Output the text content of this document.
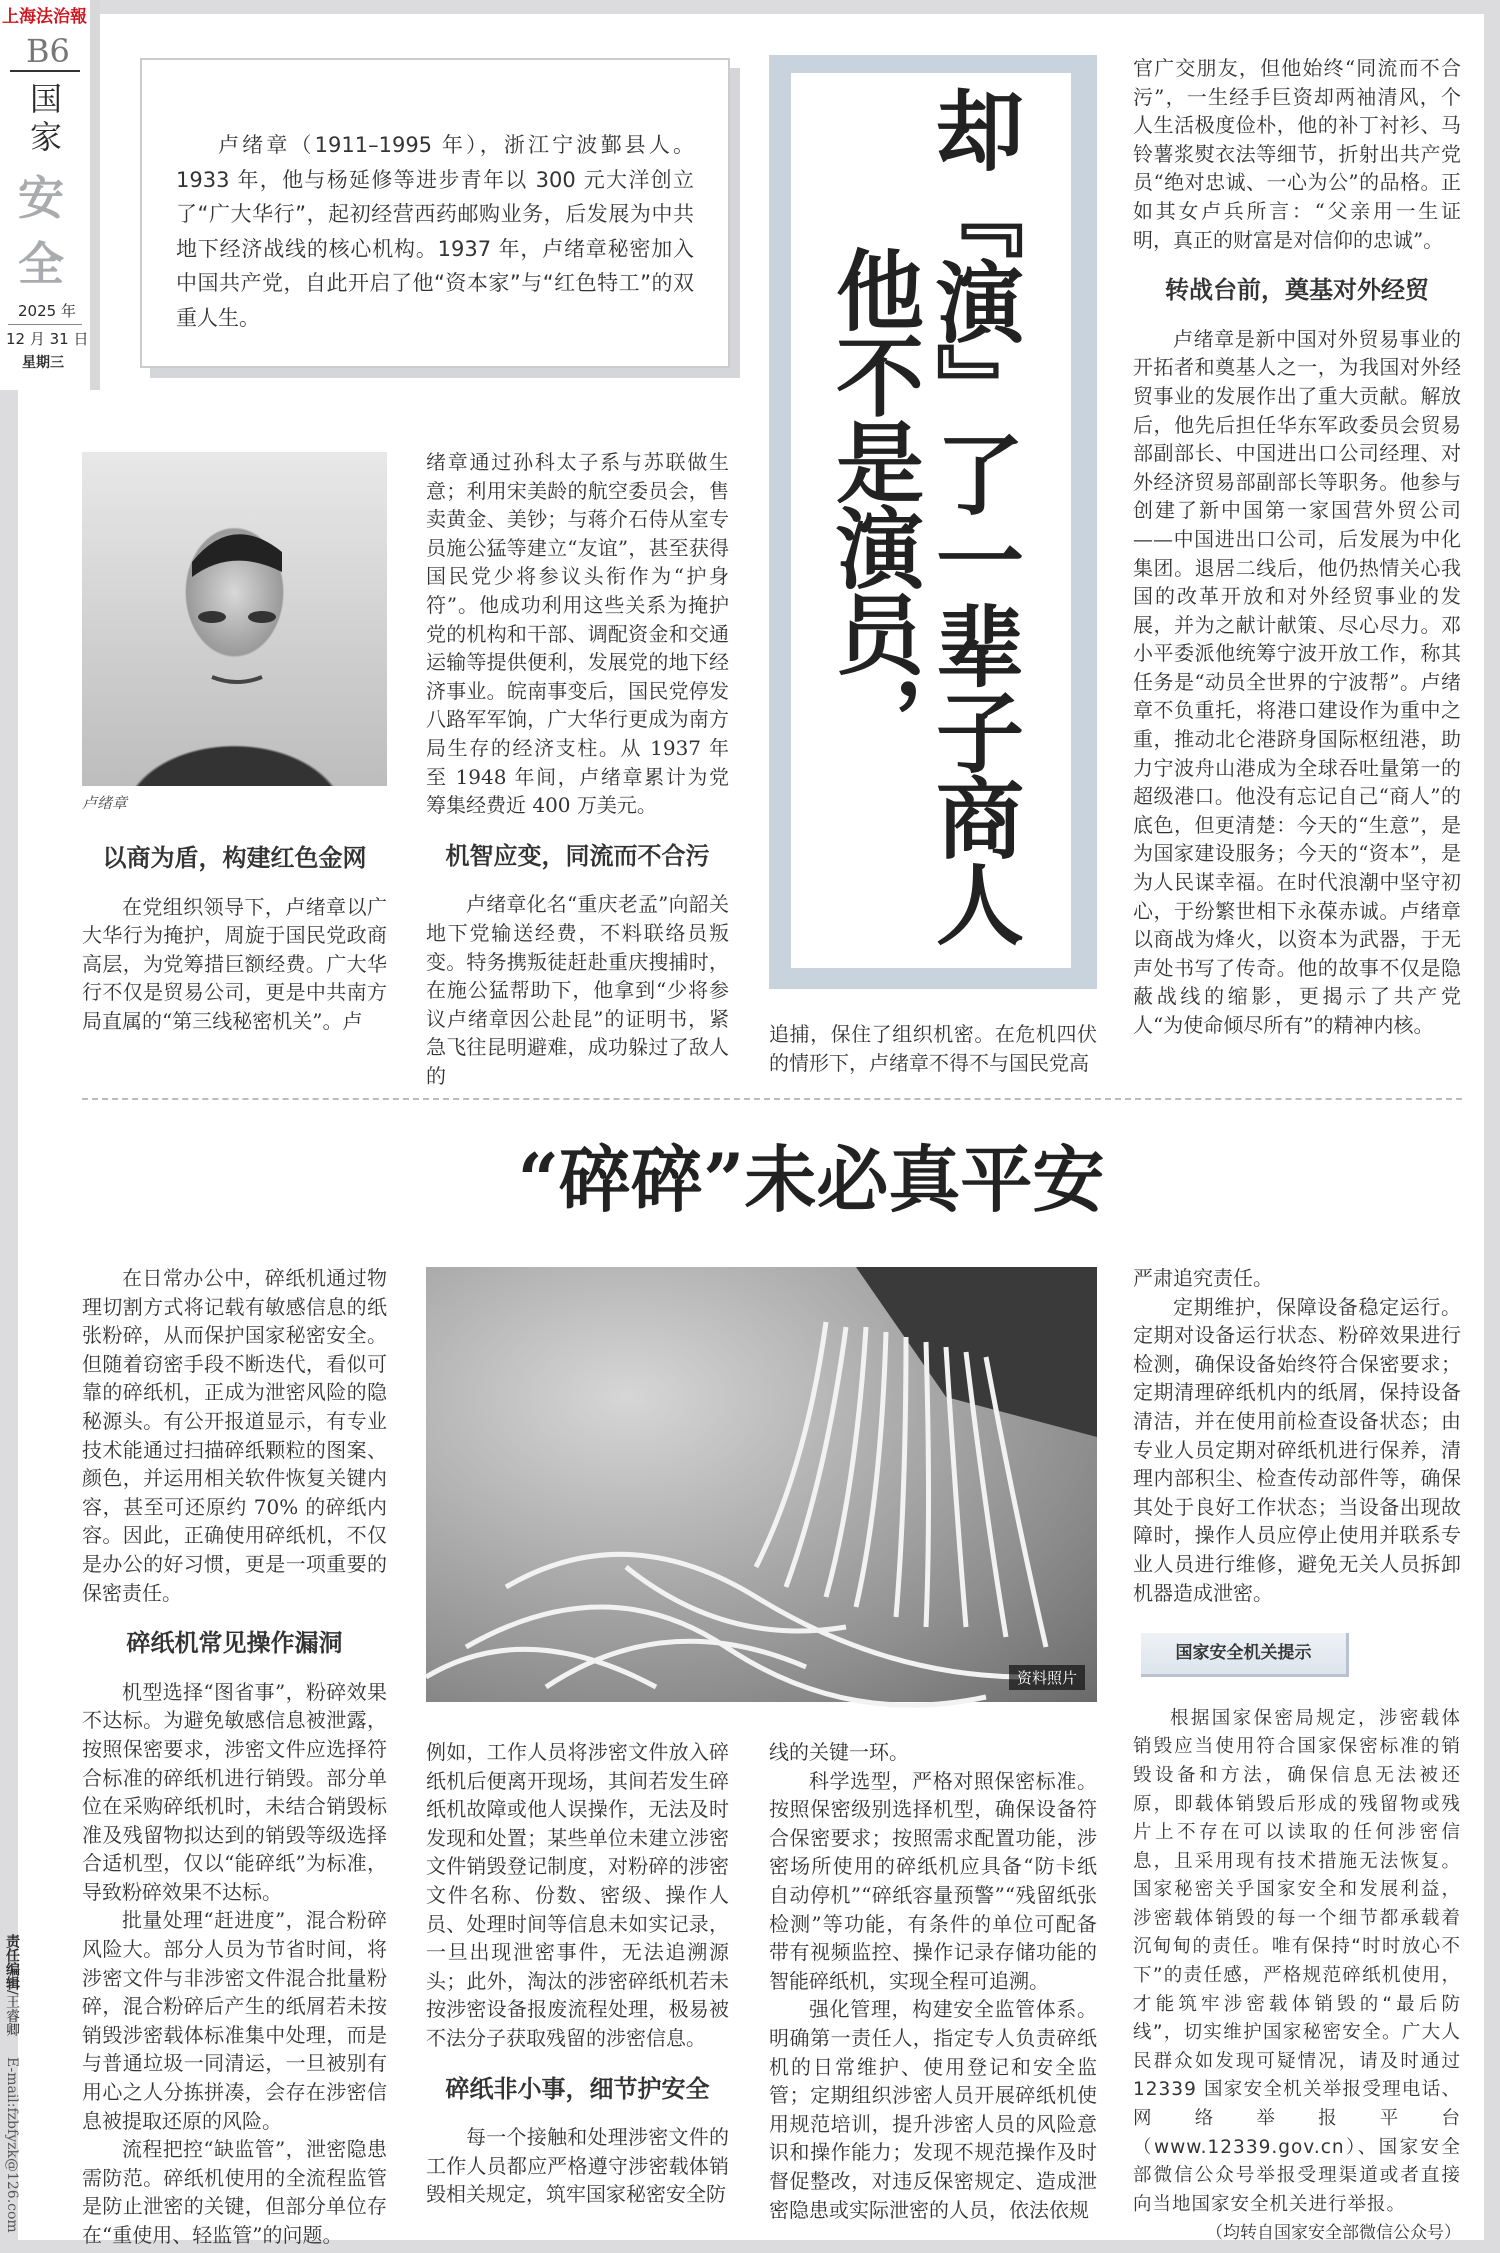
上海法治報
B6
国家
安全
2025 年
12 月 31 日
星期三
责任编辑/王睿卿 E-mail:fzbfyzk@126.com

卢绪章（1911–1995 年），浙江宁波鄞县人。1933 年，他与杨延修等进步青年以 300 元大洋创立了“广大华行”，起初经营西药邮购业务，后发展为中共地下经济战线的核心机构。1937 年，卢绪章秘密加入中国共产党，自此开启了他“资本家”与“红色特工”的双重人生。	却『演』了一辈子商人
他不是演员，
卢绪章
以商为盾，构建红色金网

在党组织领导下，卢绪章以广大华行为掩护，周旋于国民党政商高层，为党筹措巨额经费。广大华行不仅是贸易公司，更是中共南方局直属的“第三线秘密机关”。卢

绪章通过孙科太子系与苏联做生意；利用宋美龄的航空委员会，售卖黄金、美钞；与蒋介石侍从室专员施公猛等建立“友谊”，甚至获得国民党少将参议头衔作为“护身符”。他成功利用这些关系为掩护党的机构和干部、调配资金和交通运输等提供便利，发展党的地下经济事业。皖南事变后，国民党停发八路军军饷，广大华行更成为南方局生存的经济支柱。从 1937 年至 1948 年间，卢绪章累计为党筹集经费近 400 万美元。

机智应变，同流而不合污

卢绪章化名“重庆老孟”向韶关地下党输送经费，不料联络员叛变。特务携叛徒赶赴重庆搜捕时，在施公猛帮助下，他拿到“少将参议卢绪章因公赴昆”的证明书，紧急飞往昆明避难，成功躲过了敌人的

追捕，保住了组织机密。在危机四伏的情形下，卢绪章不得不与国民党高

官广交朋友，但他始终“同流而不合污”，一生经手巨资却两袖清风，个人生活极度俭朴，他的补丁衬衫、马铃薯浆熨衣法等细节，折射出共产党员“绝对忠诚、一心为公”的品格。正如其女卢兵所言：“父亲用一生证明，真正的财富是对信仰的忠诚”。

转战台前，奠基对外经贸

卢绪章是新中国对外贸易事业的开拓者和奠基人之一，为我国对外经贸事业的发展作出了重大贡献。解放后，他先后担任华东军政委员会贸易部副部长、中国进出口公司经理、对外经济贸易部副部长等职务。他参与创建了新中国第一家国营外贸公司——中国进出口公司，后发展为中化集团。退居二线后，他仍热情关心我国的改革开放和对外经贸事业的发展，并为之献计献策、尽心尽力。邓小平委派他统筹宁波开放工作，称其任务是“动员全世界的宁波帮”。卢绪章不负重托，将港口建设作为重中之重，推动北仑港跻身国际枢纽港，助力宁波舟山港成为全球吞吐量第一的超级港口。他没有忘记自己“商人”的底色，但更清楚：今天的“生意”，是为国家建设服务；今天的“资本”，是为人民谋幸福。在时代浪潮中坚守初心，于纷繁世相下永葆赤诚。卢绪章以商战为烽火，以资本为武器，于无声处书写了传奇。他的故事不仅是隐蔽战线的缩影，更揭示了共产党人“为使命倾尽所有”的精神内核。

“碎碎”未必真平安

在日常办公中，碎纸机通过物理切割方式将记载有敏感信息的纸张粉碎，从而保护国家秘密安全。但随着窃密手段不断迭代，看似可靠的碎纸机，正成为泄密风险的隐秘源头。有公开报道显示，有专业技术能通过扫描碎纸颗粒的图案、颜色，并运用相关软件恢复关键内容，甚至可还原约 70% 的碎纸内容。因此，正确使用碎纸机，不仅是办公的好习惯，更是一项重要的保密责任。

碎纸机常见操作漏洞

机型选择“图省事”，粉碎效果不达标。为避免敏感信息被泄露，按照保密要求，涉密文件应选择符合标准的碎纸机进行销毁。部分单位在采购碎纸机时，未结合销毁标准及残留物拟达到的销毁等级选择合适机型，仅以“能碎纸”为标准，导致粉碎效果不达标。

批量处理“赶进度”，混合粉碎风险大。部分人员为节省时间，将涉密文件与非涉密文件混合批量粉碎，混合粉碎后产生的纸屑若未按销毁涉密载体标准集中处理，而是与普通垃圾一同清运，一旦被别有用心之人分拣拼凑，会存在涉密信息被提取还原的风险。

流程把控“缺监管”，泄密隐患需防范。碎纸机使用的全流程监管是防止泄密的关键，但部分单位存在“重使用、轻监管”的问题。

资料照片

例如，工作人员将涉密文件放入碎纸机后便离开现场，其间若发生碎纸机故障或他人误操作，无法及时发现和处置；某些单位未建立涉密文件销毁登记制度，对粉碎的涉密文件名称、份数、密级、操作人员、处理时间等信息未如实记录，一旦出现泄密事件，无法追溯源头；此外，淘汰的涉密碎纸机若未按涉密设备报废流程处理，极易被不法分子获取残留的涉密信息。

碎纸非小事，细节护安全

每一个接触和处理涉密文件的工作人员都应严格遵守涉密载体销毁相关规定，筑牢国家秘密安全防

线的关键一环。

科学选型，严格对照保密标准。按照保密级别选择机型，确保设备符合保密要求；按照需求配置功能，涉密场所使用的碎纸机应具备“防卡纸自动停机”“碎纸容量预警”“残留纸张检测”等功能，有条件的单位可配备带有视频监控、操作记录存储功能的智能碎纸机，实现全程可追溯。

强化管理，构建安全监管体系。明确第一责任人，指定专人负责碎纸机的日常维护、使用登记和安全监管；定期组织涉密人员开展碎纸机使用规范培训，提升涉密人员的风险意识和操作能力；发现不规范操作及时督促整改，对违反保密规定、造成泄密隐患或实际泄密的人员，依法依规

严肃追究责任。

定期维护，保障设备稳定运行。定期对设备运行状态、粉碎效果进行检测，确保设备始终符合保密要求；定期清理碎纸机内的纸屑，保持设备清洁，并在使用前检查设备状态；由专业人员定期对碎纸机进行保养，清理内部积尘、检查传动部件等，确保其处于良好工作状态；当设备出现故障时，操作人员应停止使用并联系专业人员进行维修，避免无关人员拆卸机器造成泄密。

国家安全机关提示

根据国家保密局规定，涉密载体销毁应当使用符合国家保密标准的销毁设备和方法，确保信息无法被还原，即载体销毁后形成的残留物或残片上不存在可以读取的任何涉密信息，且采用现有技术措施无法恢复。国家秘密关乎国家安全和发展利益，涉密载体销毁的每一个细节都承载着沉甸甸的责任。唯有保持“时时放心不下”的责任感，严格规范碎纸机使用，才能筑牢涉密载体销毁的“最后防线”，切实维护国家秘密安全。广大人民群众如发现可疑情况，请及时通过 12339 国家安全机关举报受理电话、网络举报平台（www.12339.gov.cn）、国家安全部微信公众号举报受理渠道或者直接向当地国家安全机关进行举报。

（均转自国家安全部微信公众号）
